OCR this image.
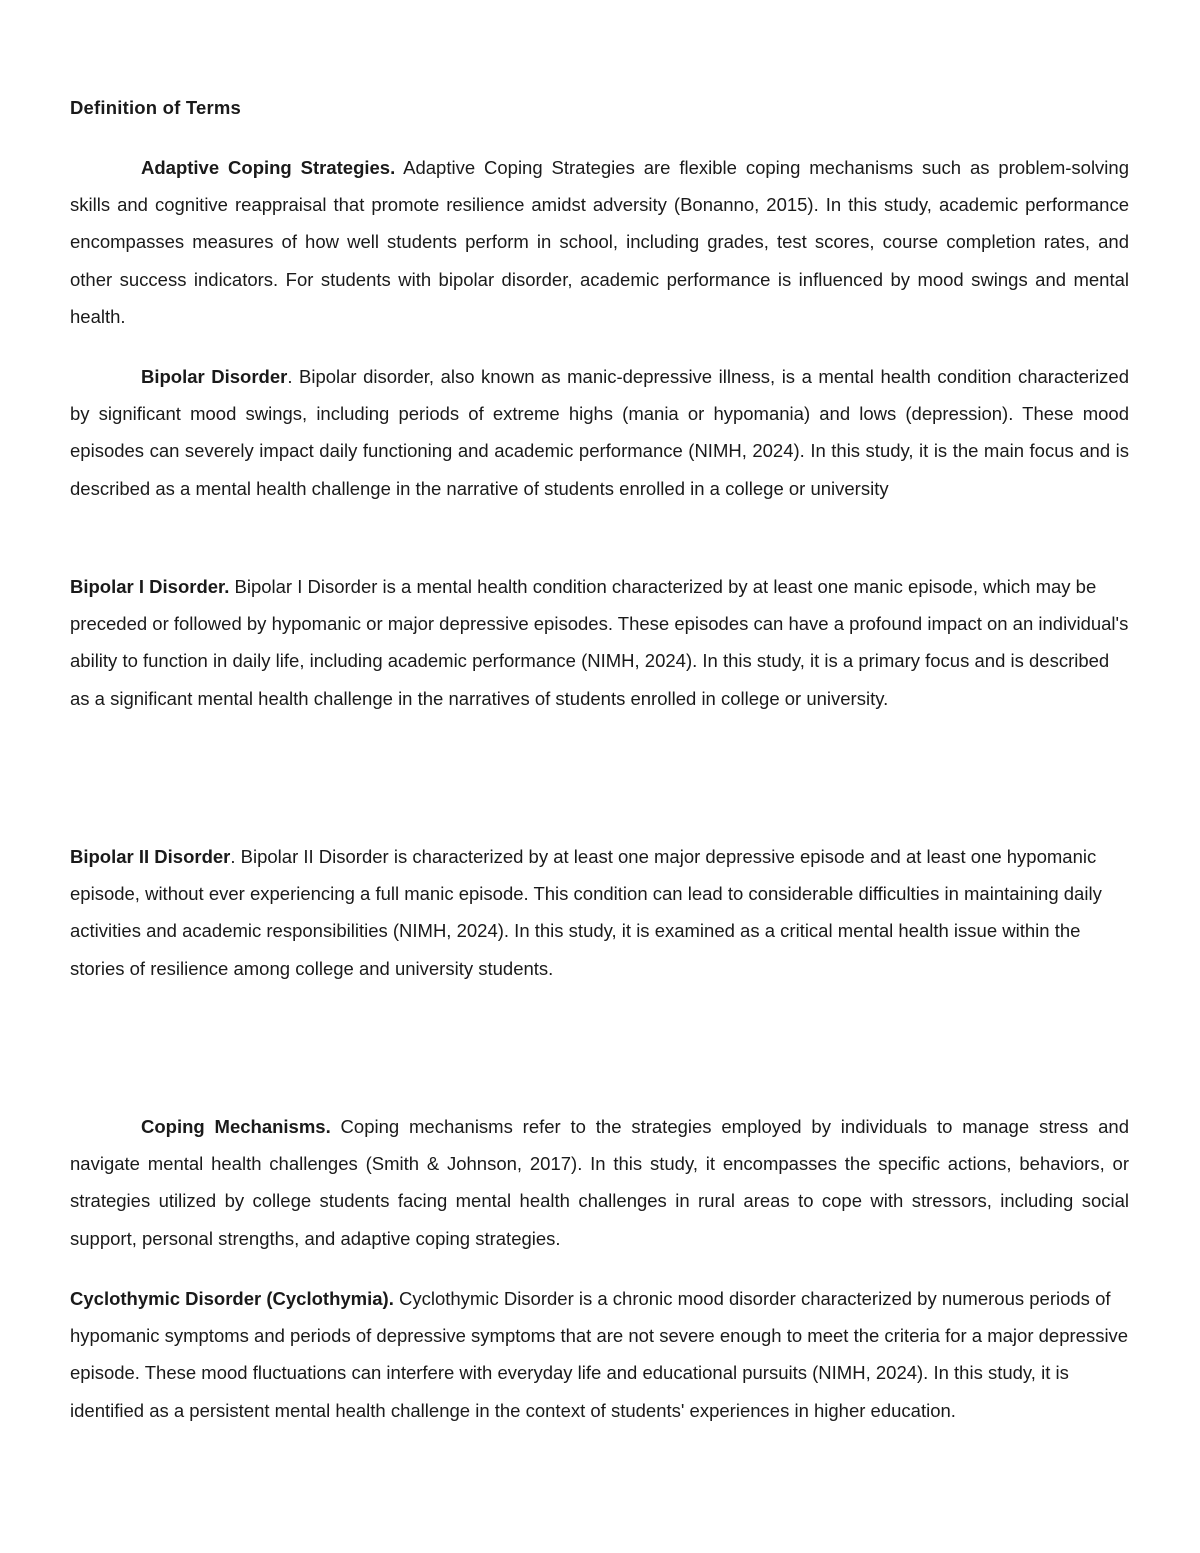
Definition of Terms

Adaptive Coping Strategies. Adaptive Coping Strategies are flexible coping mechanisms such as problem-solving skills and cognitive reappraisal that promote resilience amidst adversity (Bonanno, 2015). In this study, academic performance encompasses measures of how well students perform in school, including grades, test scores, course completion rates, and other success indicators. For students with bipolar disorder, academic performance is influenced by mood swings and mental health.

Bipolar Disorder. Bipolar disorder, also known as manic-depressive illness, is a mental health condition characterized by significant mood swings, including periods of extreme highs (mania or hypomania) and lows (depression). These mood episodes can severely impact daily functioning and academic performance (NIMH, 2024). In this study, it is the main focus and is described as a mental health challenge in the narrative of students enrolled in a college or university

Bipolar I Disorder. Bipolar I Disorder is a mental health condition characterized by at least one manic episode, which may be preceded or followed by hypomanic or major depressive episodes. These episodes can have a profound impact on an individual's ability to function in daily life, including academic performance (NIMH, 2024). In this study, it is a primary focus and is described as a significant mental health challenge in the narratives of students enrolled in college or university.

Bipolar II Disorder. Bipolar II Disorder is characterized by at least one major depressive episode and at least one hypomanic episode, without ever experiencing a full manic episode. This condition can lead to considerable difficulties in maintaining daily activities and academic responsibilities (NIMH, 2024). In this study, it is examined as a critical mental health issue within the stories of resilience among college and university students.

Coping Mechanisms. Coping mechanisms refer to the strategies employed by individuals to manage stress and navigate mental health challenges (Smith & Johnson, 2017). In this study, it encompasses the specific actions, behaviors, or strategies utilized by college students facing mental health challenges in rural areas to cope with stressors, including social support, personal strengths, and adaptive coping strategies.

Cyclothymic Disorder (Cyclothymia). Cyclothymic Disorder is a chronic mood disorder characterized by numerous periods of hypomanic symptoms and periods of depressive symptoms that are not severe enough to meet the criteria for a major depressive episode. These mood fluctuations can interfere with everyday life and educational pursuits (NIMH, 2024). In this study, it is identified as a persistent mental health challenge in the context of students' experiences in higher education.
